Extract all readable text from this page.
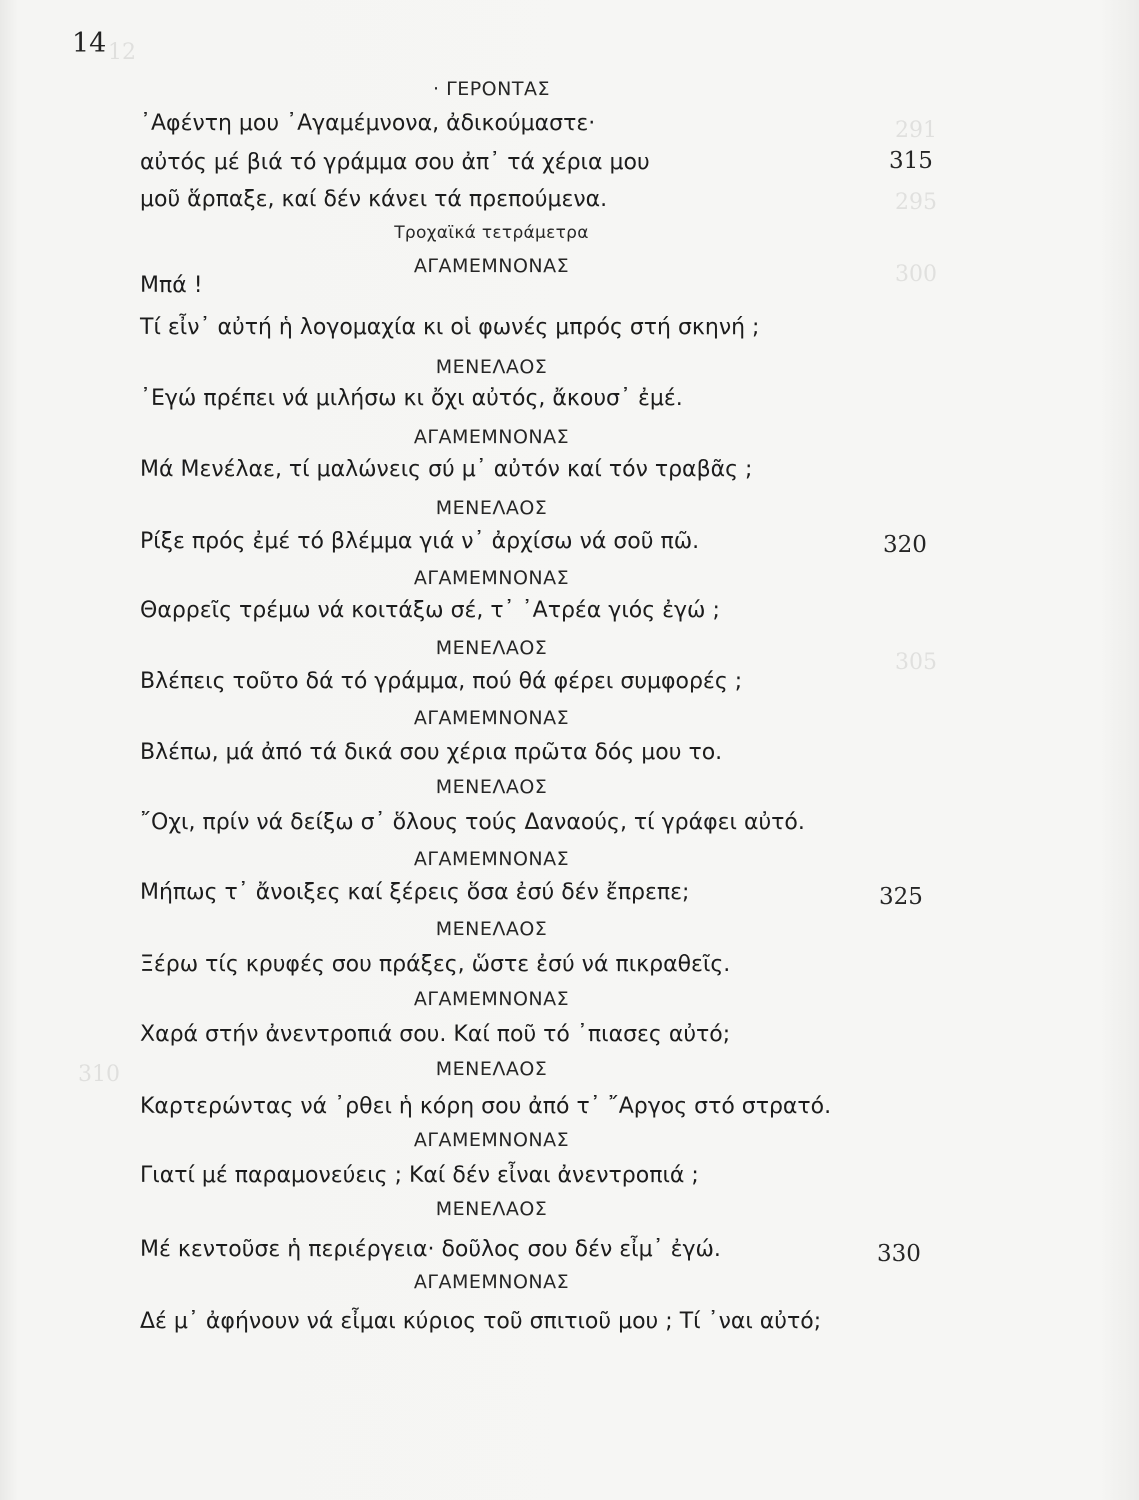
12
291
295
300
305
310
14
· ΓΕΡΟΝΤΑΣ
᾿Αφέντη μου ᾿Αγαμέμνονα, ἀδικούμαστε·
αὐτός μέ βιά τό γράμμα σου ἀπ᾿ τά χέρια μου
μοῦ ἅρπαξε, καί δέν κάνει τά πρεπούμενα.
Τροχαϊκά τετράμετρα
ΑΓΑΜΕΜΝΟΝΑΣ
Μπά !
Τί εἶν᾿ αὐτή ἡ λογομαχία κι οἱ φωνές μπρός στή σκηνή ;
ΜΕΝΕΛΑΟΣ
᾿Εγώ πρέπει νά μιλήσω κι ὄχι αὐτός, ἄκουσ᾿ ἐμέ.
ΑΓΑΜΕΜΝΟΝΑΣ
Μά Μενέλαε, τί μαλώνεις σύ μ᾿ αὐτόν καί τόν τραβᾶς ;
ΜΕΝΕΛΑΟΣ
Ρίξε πρός ἐμέ τό βλέμμα γιά ν᾿ ἀρχίσω νά σοῦ πῶ.	320
ΑΓΑΜΕΜΝΟΝΑΣ
Θαρρεῖς τρέμω νά κοιτάξω σέ, τ᾿ ᾿Ατρέα γιός ἐγώ ;
ΜΕΝΕΛΑΟΣ
Βλέπεις τοῦτο δά τό γράμμα, πού θά φέρει συμφορές ;
ΑΓΑΜΕΜΝΟΝΑΣ
Βλέπω, μά ἀπό τά δικά σου χέρια πρῶτα δός μου το.
ΜΕΝΕΛΑΟΣ
῎Οχι, πρίν νά δείξω σ᾿ ὅλους τούς Δαναούς, τί γράφει αὐτό.
ΑΓΑΜΕΜΝΟΝΑΣ
Μήπως τ᾿ ἄνοιξες καί ξέρεις ὅσα ἐσύ δέν ἔπρεπε;	325
ΜΕΝΕΛΑΟΣ
Ξέρω τίς κρυφές σου πράξες, ὥστε ἐσύ νά πικραθεῖς.
ΑΓΑΜΕΜΝΟΝΑΣ
Χαρά στήν ἀνεντροπιά σου. Καί ποῦ τό ᾿πιασες αὐτό;
ΜΕΝΕΛΑΟΣ
Καρτερώντας νά ᾿ρθει ἡ κόρη σου ἀπό τ᾿ ῎Αργος στό στρατό.
ΑΓΑΜΕΜΝΟΝΑΣ
Γιατί μέ παραμονεύεις ; Καί δέν εἶναι ἀνεντροπιά ;
ΜΕΝΕΛΑΟΣ
Μέ κεντοῦσε ἡ περιέργεια· δοῦλος σου δέν εἶμ᾿ ἐγώ.	330
ΑΓΑΜΕΜΝΟΝΑΣ
Δέ μ᾿ ἀφήνουν νά εἶμαι κύριος τοῦ σπιτιοῦ μου ; Τί ᾿ναι αὐτό;
315
